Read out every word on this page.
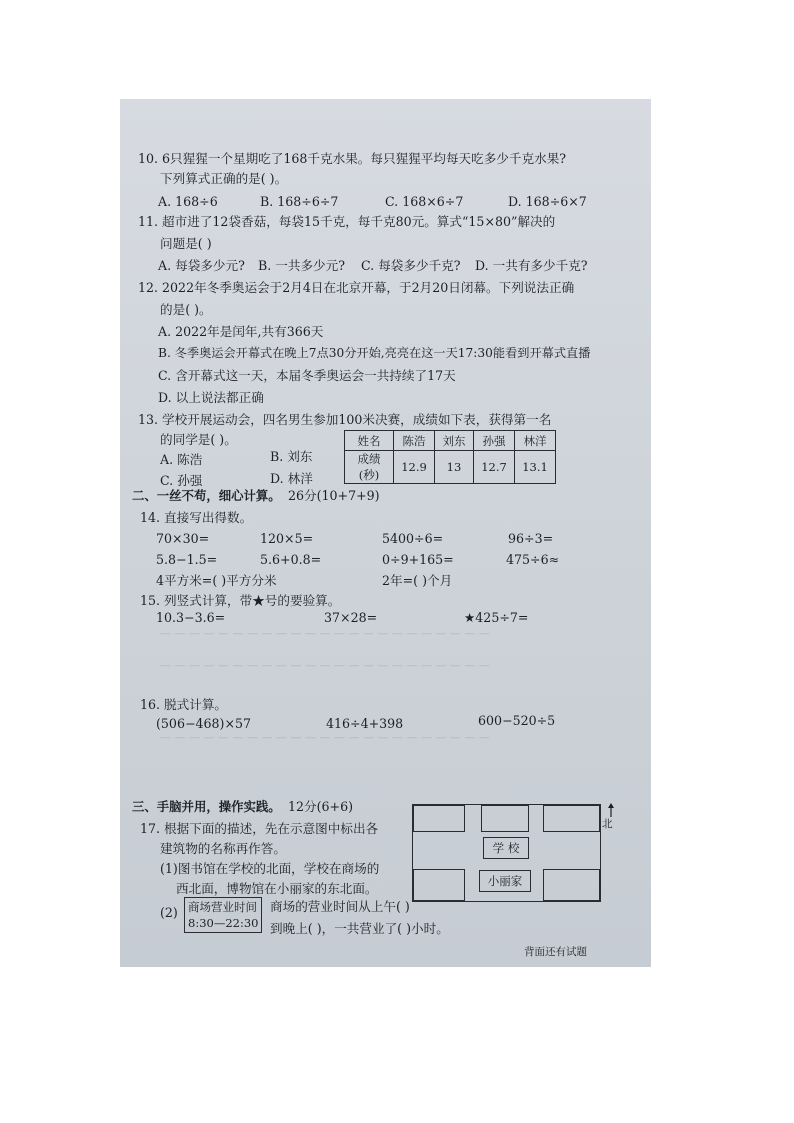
— — — — — — — — — — — — — — — — — — — — — — —
— — — — — — — — — — — — — — — — — — — — — — —
— — — — — — — — — — — — — — — — — — — — — — —
10. 6只猩猩一个星期吃了168千克水果。每只猩猩平均每天吃多少千克水果?
下列算式正确的是( )。
A. 168÷6	B. 168÷6÷7	C. 168×6÷7	D. 168÷6×7
11. 超市进了12袋香菇，每袋15千克，每千克80元。算式“15×80”解决的
问题是( )
A. 每袋多少元? B. 一共多少元? C. 每袋多少千克? D. 一共有多少千克?
12. 2022年冬季奥运会于2月4日在北京开幕，于2月20日闭幕。下列说法正确
的是( )。
A. 2022年是闰年,共有366天
B. 冬季奥运会开幕式在晚上7点30分开始,亮亮在这一天17:30能看到开幕式直播
C. 含开幕式这一天，本届冬季奥运会一共持续了17天
D. 以上说法都正确
13. 学校开展运动会，四名男生参加100米决赛，成绩如下表，获得第一名
的同学是( )。
A. 陈浩	B. 刘东
C. 孙强	D. 林洋
姓名	陈浩	刘东	孙强	林洋
成绩(秒)	12.9	13	12.7	13.1
二、一丝不苟，细心计算。 26分(10+7+9)
14. 直接写出得数。
70×30=	120×5=	5400÷6=	96÷3=
5.8−1.5=	5.6+0.8=	0÷9+165=	475÷6≈
4平方米=( )平方分米	2年=( )个月
15. 列竖式计算，带★号的要验算。
10.3−3.6=	37×28=	★425÷7=
16. 脱式计算。
(506−468)×57	416÷4+398	600−520÷5
三、手脑并用，操作实践。 12分(6+6)
17. 根据下面的描述，先在示意图中标出各
建筑物的名称再作答。
(1)图书馆在学校的北面，学校在商场的
西北面，博物馆在小丽家的东北面。
(2) 商场营业时间
8:30—22:30
商场的营业时间从上午( )
到晚上( )，一共营业了( )小时。
学 校
小丽家
北
背面还有试题
